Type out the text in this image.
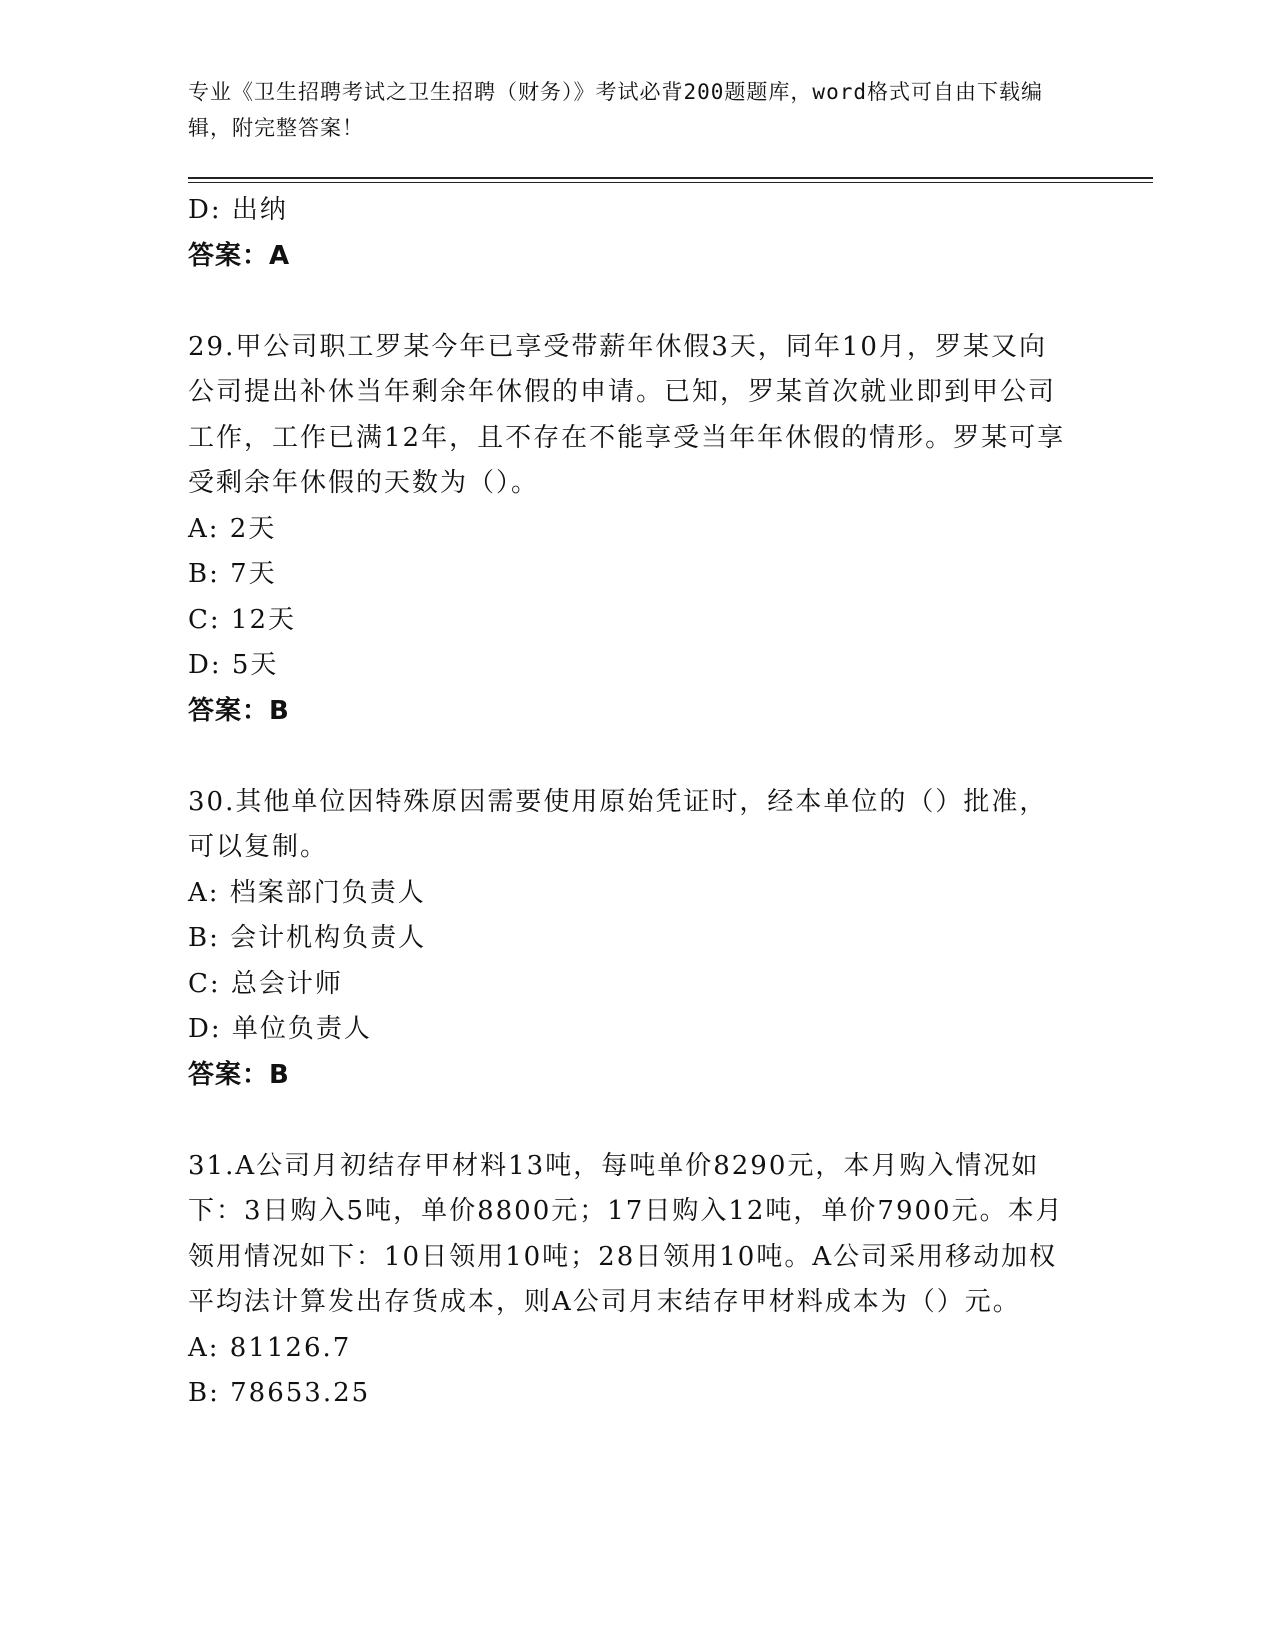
专业《卫生招聘考试之卫生招聘（财务）》考试必背200题题库，word格式可自由下载编辑，附完整答案！

D: 出纳

答案：A

29.甲公司职工罗某今年已享受带薪年休假3天，同年10月，罗某又向公司提出补休当年剩余年休假的申请。已知，罗某首次就业即到甲公司工作，工作已满12年，且不存在不能享受当年年休假的情形。罗某可享受剩余年休假的天数为（）。

A: 2天

B: 7天

C: 12天

D: 5天

答案：B

30.其他单位因特殊原因需要使用原始凭证时，经本单位的（）批准，可以复制。

A: 档案部门负责人

B: 会计机构负责人

C: 总会计师

D: 单位负责人

答案：B

31.A公司月初结存甲材料13吨，每吨单价8290元，本月购入情况如下：3日购入5吨，单价8800元；17日购入12吨，单价7900元。本月领用情况如下：10日领用10吨；28日领用10吨。A公司采用移动加权平均法计算发出存货成本，则A公司月末结存甲材料成本为（）元。

A: 81126.7

B: 78653.25
